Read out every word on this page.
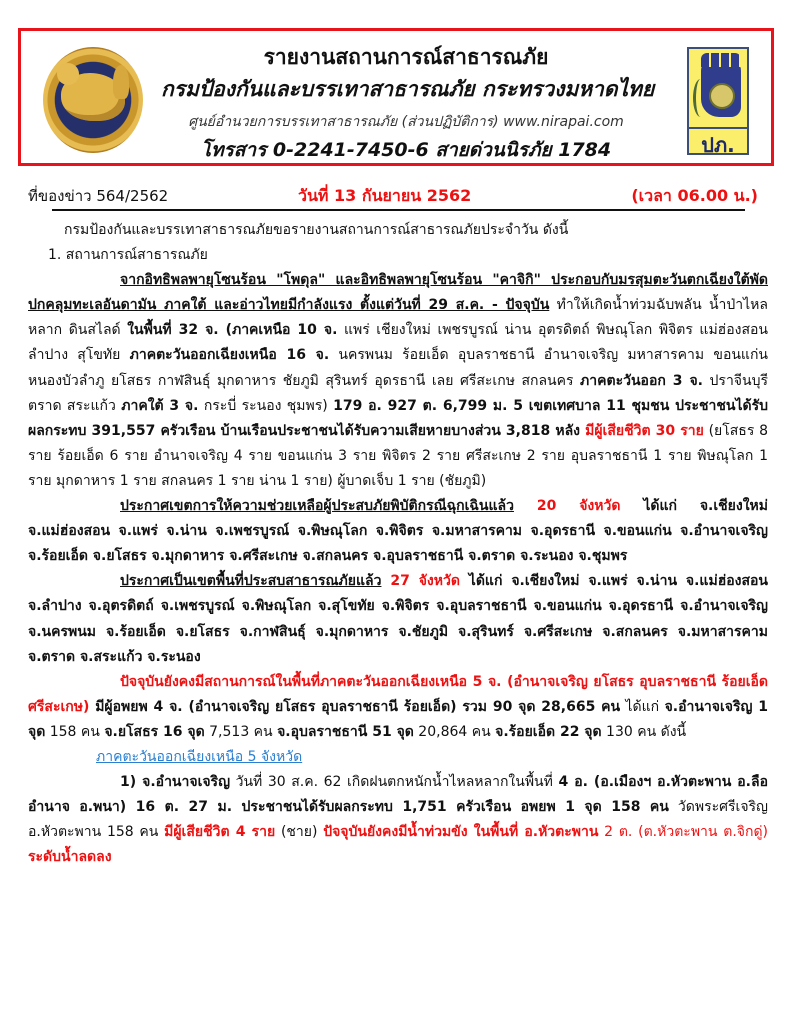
รายงานสถานการณ์สาธารณภัย
กรมป้องกันและบรรเทาสาธารณภัย กระทรวงมหาดไทย
ศูนย์อำนวยการบรรเทาสาธารณภัย (ส่วนปฏิบัติการ) www.nirapai.com
โทรสาร 0-2241-7450-6 สายด่วนนิรภัย 1784	ปภ.
ที่ของข่าว 564/2562	วันที่ 13 กันยายน 2562	(เวลา 06.00 น.)

กรมป้องกันและบรรเทาสาธารณภัยขอรายงานสถานการณ์สาธารณภัยประจำวัน ดังนี้

1. สถานการณ์สาธารณภัย

จากอิทธิพลพายุโซนร้อน "โพดุล" และอิทธิพลพายุโซนร้อน "คาจิกิ" ประกอบกับมรสุมตะวันตกเฉียงใต้พัดปกคลุมทะเลอันดามัน ภาคใต้ และอ่าวไทยมีกำลังแรง ตั้งแต่วันที่ 29 ส.ค. - ปัจจุบัน ทำให้เกิดน้ำท่วมฉับพลัน น้ำป่าไหลหลาก ดินสไลด์ ในพื้นที่ 32 จ. (ภาคเหนือ 10 จ. แพร่ เชียงใหม่ เพชรบูรณ์ น่าน อุตรดิตถ์ พิษณุโลก พิจิตร แม่ฮ่องสอน ลำปาง สุโขทัย ภาคตะวันออกเฉียงเหนือ 16 จ. นครพนม ร้อยเอ็ด อุบลราชธานี อำนาจเจริญ มหาสารคาม ขอนแก่น หนองบัวลำภู ยโสธร กาฬสินธุ์ มุกดาหาร ชัยภูมิ สุรินทร์ อุดรธานี เลย ศรีสะเกษ สกลนคร ภาคตะวันออก 3 จ. ปราจีนบุรี ตราด สระแก้ว ภาคใต้ 3 จ. กระบี่ ระนอง ชุมพร) 179 อ. 927 ต. 6,799 ม. 5 เขตเทศบาล 11 ชุมชน ประชาชนได้รับผลกระทบ 391,557 ครัวเรือน บ้านเรือนประชาชนได้รับความเสียหายบางส่วน 3,818 หลัง มีผู้เสียชีวิต 30 ราย (ยโสธร 8 ราย ร้อยเอ็ด 6 ราย อำนาจเจริญ 4 ราย ขอนแก่น 3 ราย พิจิตร 2 ราย ศรีสะเกษ 2 ราย อุบลราชธานี 1 ราย พิษณุโลก 1 ราย มุกดาหาร 1 ราย สกลนคร 1 ราย น่าน 1 ราย) ผู้บาดเจ็บ 1 ราย (ชัยภูมิ)

ประกาศเขตการให้ความช่วยเหลือผู้ประสบภัยพิบัติกรณีฉุกเฉินแล้ว 20 จังหวัด ได้แก่ จ.เชียงใหม่ จ.แม่ฮ่องสอน จ.แพร่ จ.น่าน จ.เพชรบูรณ์ จ.พิษณุโลก จ.พิจิตร จ.มหาสารคาม จ.อุดรธานี จ.ขอนแก่น จ.อำนาจเจริญ จ.ร้อยเอ็ด จ.ยโสธร จ.มุกดาหาร จ.ศรีสะเกษ จ.สกลนคร จ.อุบลราชธานี จ.ตราด จ.ระนอง จ.ชุมพร

ประกาศเป็นเขตพื้นที่ประสบสาธารณภัยแล้ว 27 จังหวัด ได้แก่ จ.เชียงใหม่ จ.แพร่ จ.น่าน จ.แม่ฮ่องสอน จ.ลำปาง จ.อุตรดิตถ์ จ.เพชรบูรณ์ จ.พิษณุโลก จ.สุโขทัย จ.พิจิตร จ.อุบลราชธานี จ.ขอนแก่น จ.อุดรธานี จ.อำนาจเจริญ จ.นครพนม จ.ร้อยเอ็ด จ.ยโสธร จ.กาฬสินธุ์ จ.มุกดาหาร จ.ชัยภูมิ จ.สุรินทร์ จ.ศรีสะเกษ จ.สกลนคร จ.มหาสารคาม จ.ตราด จ.สระแก้ว จ.ระนอง

ปัจจุบันยังคงมีสถานการณ์ในพื้นที่ภาคตะวันออกเฉียงเหนือ 5 จ. (อำนาจเจริญ ยโสธร อุบลราชธานี ร้อยเอ็ด ศรีสะเกษ) มีผู้อพยพ 4 จ. (อำนาจเจริญ ยโสธร อุบลราชธานี ร้อยเอ็ด) รวม 90 จุด 28,665 คน ได้แก่ จ.อำนาจเจริญ 1 จุด 158 คน จ.ยโสธร 16 จุด 7,513 คน จ.อุบลราชธานี 51 จุด 20,864 คน จ.ร้อยเอ็ด 22 จุด 130 คน ดังนี้

ภาคตะวันออกเฉียงเหนือ 5 จังหวัด

1) จ.อำนาจเจริญ วันที่ 30 ส.ค. 62 เกิดฝนตกหนักน้ำไหลหลากในพื้นที่ 4 อ. (อ.เมืองฯ อ.หัวตะพาน อ.ลืออำนาจ อ.พนา) 16 ต. 27 ม. ประชาชนได้รับผลกระทบ 1,751 ครัวเรือน อพยพ 1 จุด 158 คน วัดพระศรีเจริญ อ.หัวตะพาน 158 คน มีผู้เสียชีวิต 4 ราย (ชาย) ปัจจุบันยังคงมีน้ำท่วมขัง ในพื้นที่ อ.หัวตะพาน 2 ต. (ต.หัวตะพาน ต.จิกดู่) ระดับน้ำลดลง
